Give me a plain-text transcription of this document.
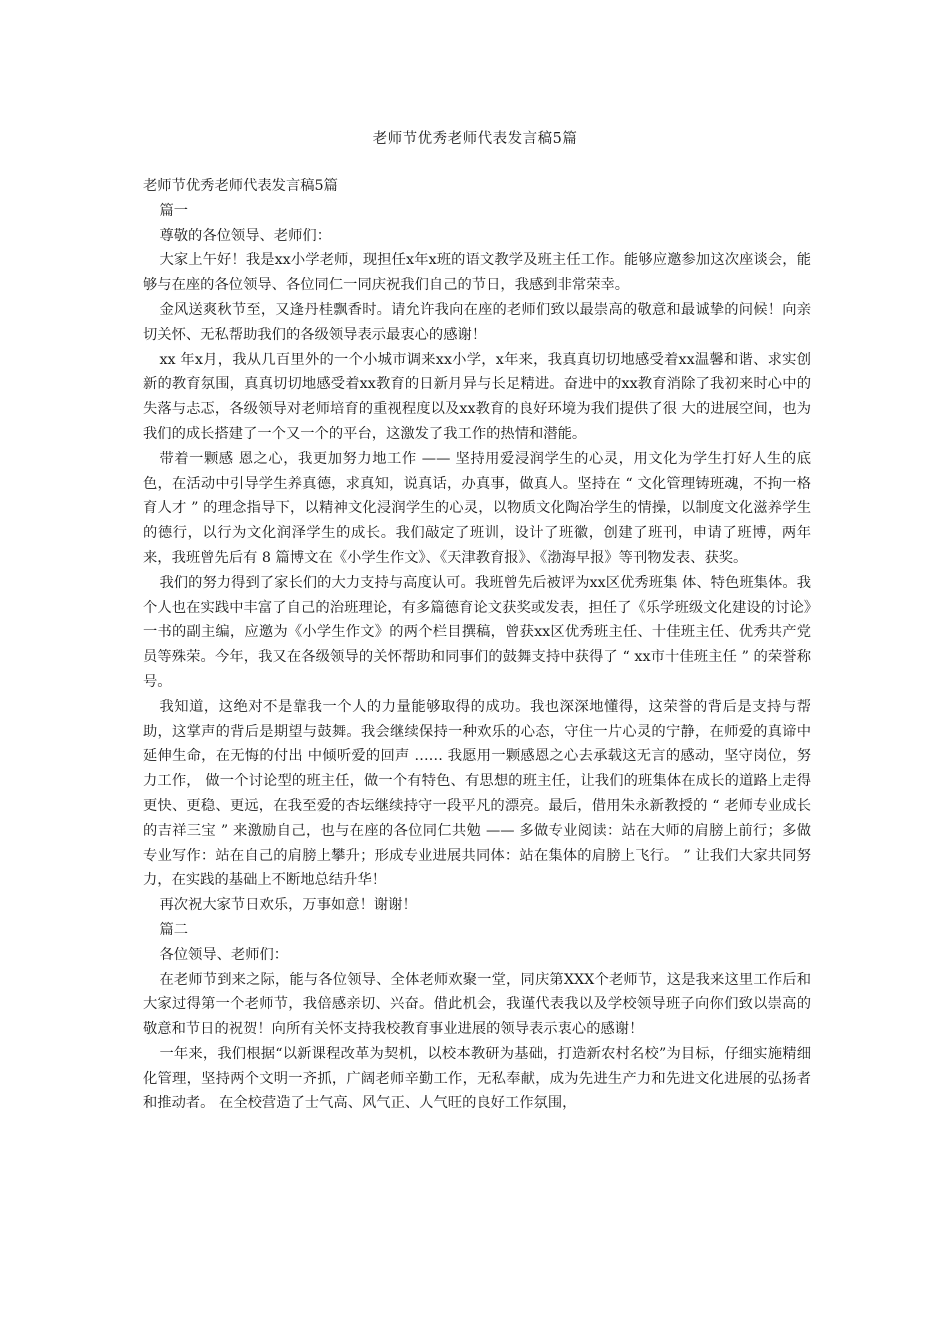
老师节优秀老师代表发言稿5篇

老师节优秀老师代表发言稿5篇

篇一

尊敬的各位领导、老师们：

大家上午好！我是xx小学老师，现担任x年x班的语文教学及班主任工作。能够应邀参加这次座谈会，能够与在座的各位领导、各位同仁一同庆祝我们自己的节日，我感到非常荣幸。

金风送爽秋节至，又逢丹桂飘香时。请允许我向在座的老师们致以最崇高的敬意和最诚挚的问候！向亲切关怀、无私帮助我们的各级领导表示最衷心的感谢！

xx 年x月，我从几百里外的一个小城市调来xx小学，x年来，我真真切切地感受着xx温馨和谐、求实创新的教育氛围，真真切切地感受着xx教育的日新月异与长足精进。奋进中的xx教育消除了我初来时心中的失落与忐忑，各级领导对老师培育的重视程度以及xx教育的良好环境为我们提供了很 大的进展空间，也为我们的成长搭建了一个又一个的平台，这激发了我工作的热情和潜能。

带着一颗感 恩之心，我更加努力地工作 —— 坚持用爱浸润学生的心灵，用文化为学生打好人生的底色，在活动中引导学生养真德，求真知，说真话，办真事，做真人。坚持在 “ 文化管理铸班魂，不拘一格育人才 ” 的理念指导下，以精神文化浸润学生的心灵，以物质文化陶冶学生的情操，以制度文化滋养学生的德行，以行为文化润泽学生的成长。我们敲定了班训，设计了班徽，创建了班刊，申请了班博，两年来，我班曾先后有 8 篇博文在《小学生作文》、《天津教育报》、《渤海早报》等刊物发表、获奖。

我们的努力得到了家长们的大力支持与高度认可。我班曾先后被评为xx区优秀班集 体、特色班集体。我个人也在实践中丰富了自己的治班理论，有多篇德育论文获奖或发表，担任了《乐学班级文化建设的讨论》一书的副主编，应邀为《小学生作文》的两个栏目撰稿，曾获xx区优秀班主任、十佳班主任、优秀共产党员等殊荣。今年，我又在各级领导的关怀帮助和同事们的鼓舞支持中获得了 “ xx市十佳班主任 ” 的荣誉称号。

我知道，这绝对不是靠我一个人的力量能够取得的成功。我也深深地懂得，这荣誉的背后是支持与帮助，这掌声的背后是期望与鼓舞。我会继续保持一种欢乐的心态，守住一片心灵的宁静，在师爱的真谛中延伸生命，在无悔的付出 中倾听爱的回声 …… 我愿用一颗感恩之心去承载这无言的感动，坚守岗位，努力工作， 做一个讨论型的班主任，做一个有特色、有思想的班主任，让我们的班集体在成长的道路上走得更快、更稳、更远，在我至爱的杏坛继续持守一段平凡的漂亮。最后，借用朱永新教授的 “ 老师专业成长的吉祥三宝 ” 来激励自己，也与在座的各位同仁共勉 —— 多做专业阅读：站在大师的肩膀上前行；多做专业写作：站在自己的肩膀上攀升；形成专业进展共同体：站在集体的肩膀上飞行。 ” 让我们大家共同努力，在实践的基础上不断地总结升华！

再次祝大家节日欢乐，万事如意！谢谢！

篇二

各位领导、老师们：

在老师节到来之际，能与各位领导、全体老师欢聚一堂，同庆第XXX个老师节，这是我来这里工作后和大家过得第一个老师节，我倍感亲切、兴奋。借此机会，我谨代表我以及学校领导班子向你们致以崇高的敬意和节日的祝贺！向所有关怀支持我校教育事业进展的领导表示衷心的感谢！

一年来，我们根据“以新课程改革为契机，以校本教研为基础，打造新农村名校”为目标，仔细实施精细化管理，坚持两个文明一齐抓，广阔老师辛勤工作，无私奉献，成为先进生产力和先进文化进展的弘扬者和推动者。 在全校营造了士气高、风气正、人气旺的良好工作氛围，
